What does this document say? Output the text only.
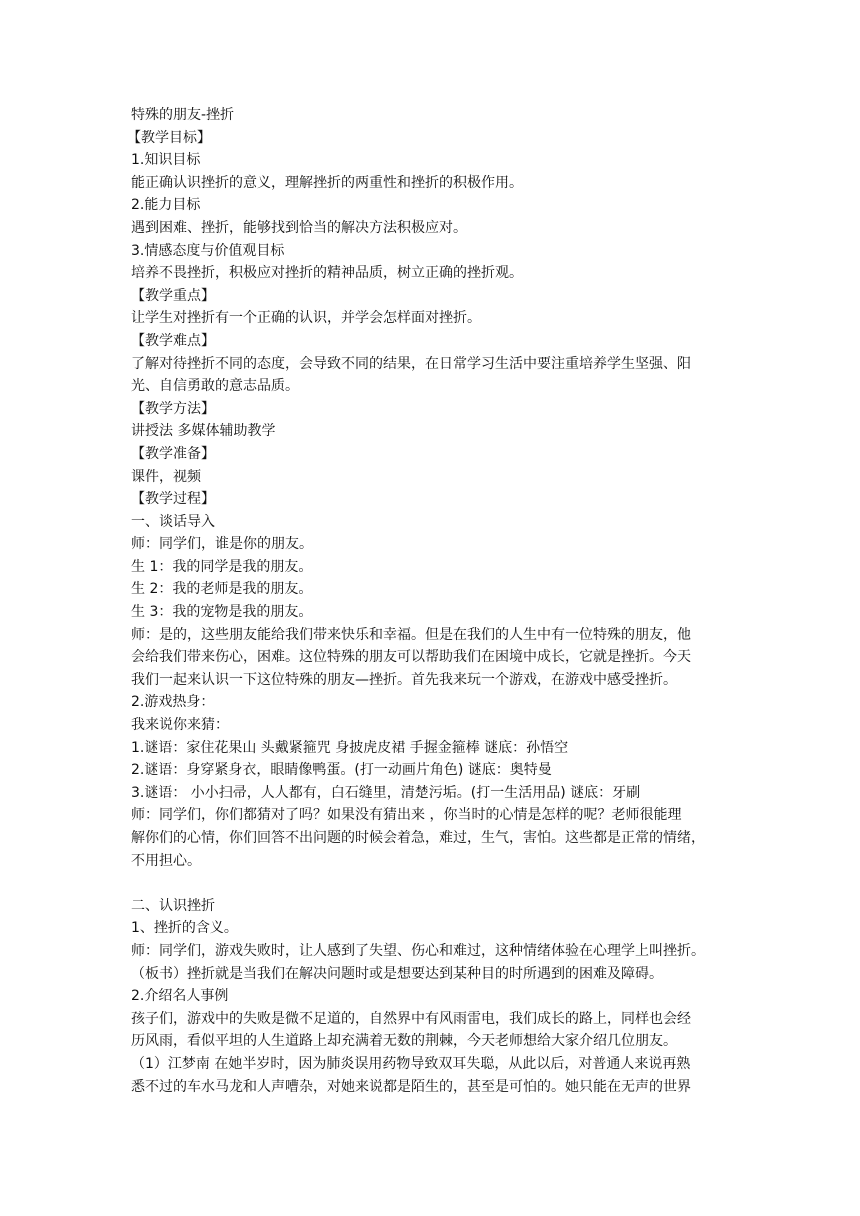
特殊的朋友-挫折
【教学目标】
1.知识目标
能正确认识挫折的意义，理解挫折的两重性和挫折的积极作用。
2.能力目标
遇到困难、挫折，能够找到恰当的解决方法积极应对。
3.情感态度与价值观目标
培养不畏挫折，积极应对挫折的精神品质，树立正确的挫折观。
【教学重点】
让学生对挫折有一个正确的认识，并学会怎样面对挫折。
【教学难点】
了解对待挫折不同的态度，会导致不同的结果，在日常学习生活中要注重培养学生坚强、阳
光、自信勇敢的意志品质。
【教学方法】
讲授法 多媒体辅助教学
【教学准备】
课件，视频
【教学过程】
一、谈话导入
师：同学们，谁是你的朋友。
生 1：我的同学是我的朋友。
生 2：我的老师是我的朋友。
生 3：我的宠物是我的朋友。
师：是的，这些朋友能给我们带来快乐和幸福。但是在我们的人生中有一位特殊的朋友，他
会给我们带来伤心，困难。这位特殊的朋友可以帮助我们在困境中成长，它就是挫折。今天
我们一起来认识一下这位特殊的朋友—挫折。首先我来玩一个游戏，在游戏中感受挫折。
2.游戏热身：
我来说你来猜：
1.谜语：家住花果山 头戴紧箍咒 身披虎皮裙 手握金箍棒 谜底：孙悟空
2.谜语：身穿紧身衣，眼睛像鸭蛋。(打一动画片角色) 谜底：奥特曼
3.谜语： 小小扫帚，人人都有，白石缝里，清楚污垢。(打一生活用品) 谜底：牙刷
师：同学们，你们都猜对了吗？如果没有猜出来 ，你当时的心情是怎样的呢？老师很能理
解你们的心情，你们回答不出问题的时候会着急，难过，生气，害怕。这些都是正常的情绪，
不用担心。
二、认识挫折
1、挫折的含义。
师：同学们，游戏失败时，让人感到了失望、伤心和难过，这种情绪体验在心理学上叫挫折。
（板书）挫折就是当我们在解决问题时或是想要达到某种目的时所遇到的困难及障碍。
2.介绍名人事例
孩子们，游戏中的失败是微不足道的，自然界中有风雨雷电，我们成长的路上，同样也会经
历风雨，看似平坦的人生道路上却充满着无数的荆棘，今天老师想给大家介绍几位朋友。
（1）江梦南 在她半岁时，因为肺炎误用药物导致双耳失聪，从此以后，对普通人来说再熟
悉不过的车水马龙和人声嘈杂，对她来说都是陌生的，甚至是可怕的。她只能在无声的世界
